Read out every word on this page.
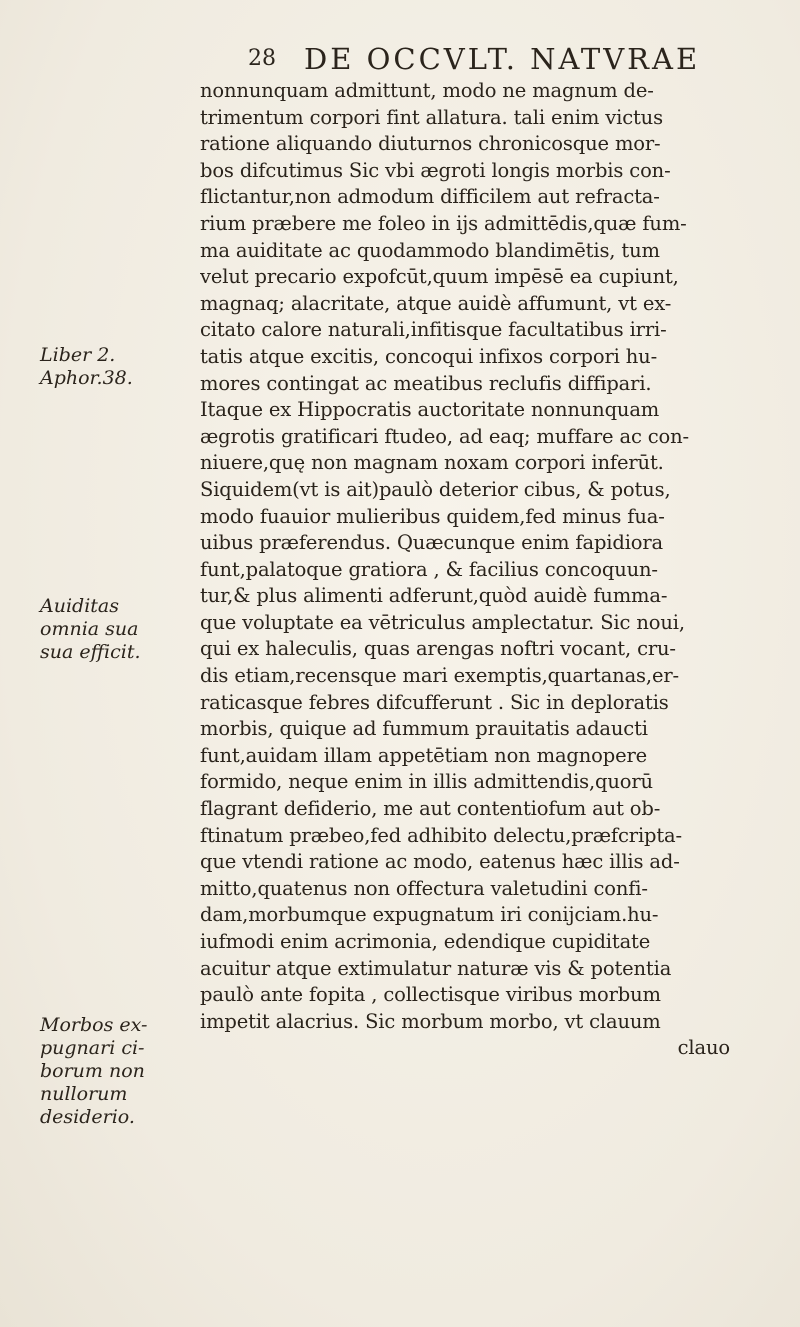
28 DE OCCVLT. NATVRAE
Liber 2.
Aphor.38.
Auiditas
omnia sua
sua efficit.
Morbos ex-
pugnari ci-
borum non
nullorum
desiderio.
nonnunquam admittunt, modo ne magnum de-
trimentum corpori fint allatura. tali enim victus
ratione aliquando diuturnos chronicosque mor-
bos difcutimus Sic vbi ægroti longis morbis con-
flictantur,non admodum difficilem aut refracta-
rium præbere me foleo in ijs admittēdis,quæ fum-
ma auiditate ac quodammodo blandimētis, tum
velut precario expofcūt,quum impēsē ea cupiunt,
magnaq; alacritate, atque auidè affumunt, vt ex-
citato calore naturali,infitisque facultatibus irri-
tatis atque excitis, concoqui infixos corpori hu-
mores contingat ac meatibus reclufis diffipari.
Itaque ex Hippocratis auctoritate nonnunquam
ægrotis gratificari ftudeo, ad eaq; muffare ac con-
niuere,quę non magnam noxam corpori inferūt.
Siquidem(vt is ait)paulò deterior cibus, & potus,
modo fuauior mulieribus quidem,fed minus fua-
uibus præferendus. Quæcunque enim fapidiora
funt,palatoque gratiora , & facilius concoquun-
tur,& plus alimenti adferunt,quòd auidè fumma-
que voluptate ea vētriculus amplectatur. Sic noui,
qui ex haleculis, quas arengas noftri vocant, cru-
dis etiam,recensque mari exemptis,quartanas,er-
raticasque febres difcufferunt . Sic in deploratis
morbis, quique ad fummum prauitatis adaucti
funt,auidam illam appetētiam non magnopere
formido, neque enim in illis admittendis,quorū
flagrant defiderio, me aut contentiofum aut ob-
ftinatum præbeo,fed adhibito delectu,præfcripta-
que vtendi ratione ac modo, eatenus hæc illis ad-
mitto,quatenus non offectura valetudini confi-
dam,morbumque expugnatum iri conijciam.hu-
iufmodi enim acrimonia, edendique cupiditate
acuitur atque extimulatur naturæ vis & potentia
paulò ante fopita , collectisque viribus morbum
impetit alacrius. Sic morbum morbo, vt clauum
clauo
